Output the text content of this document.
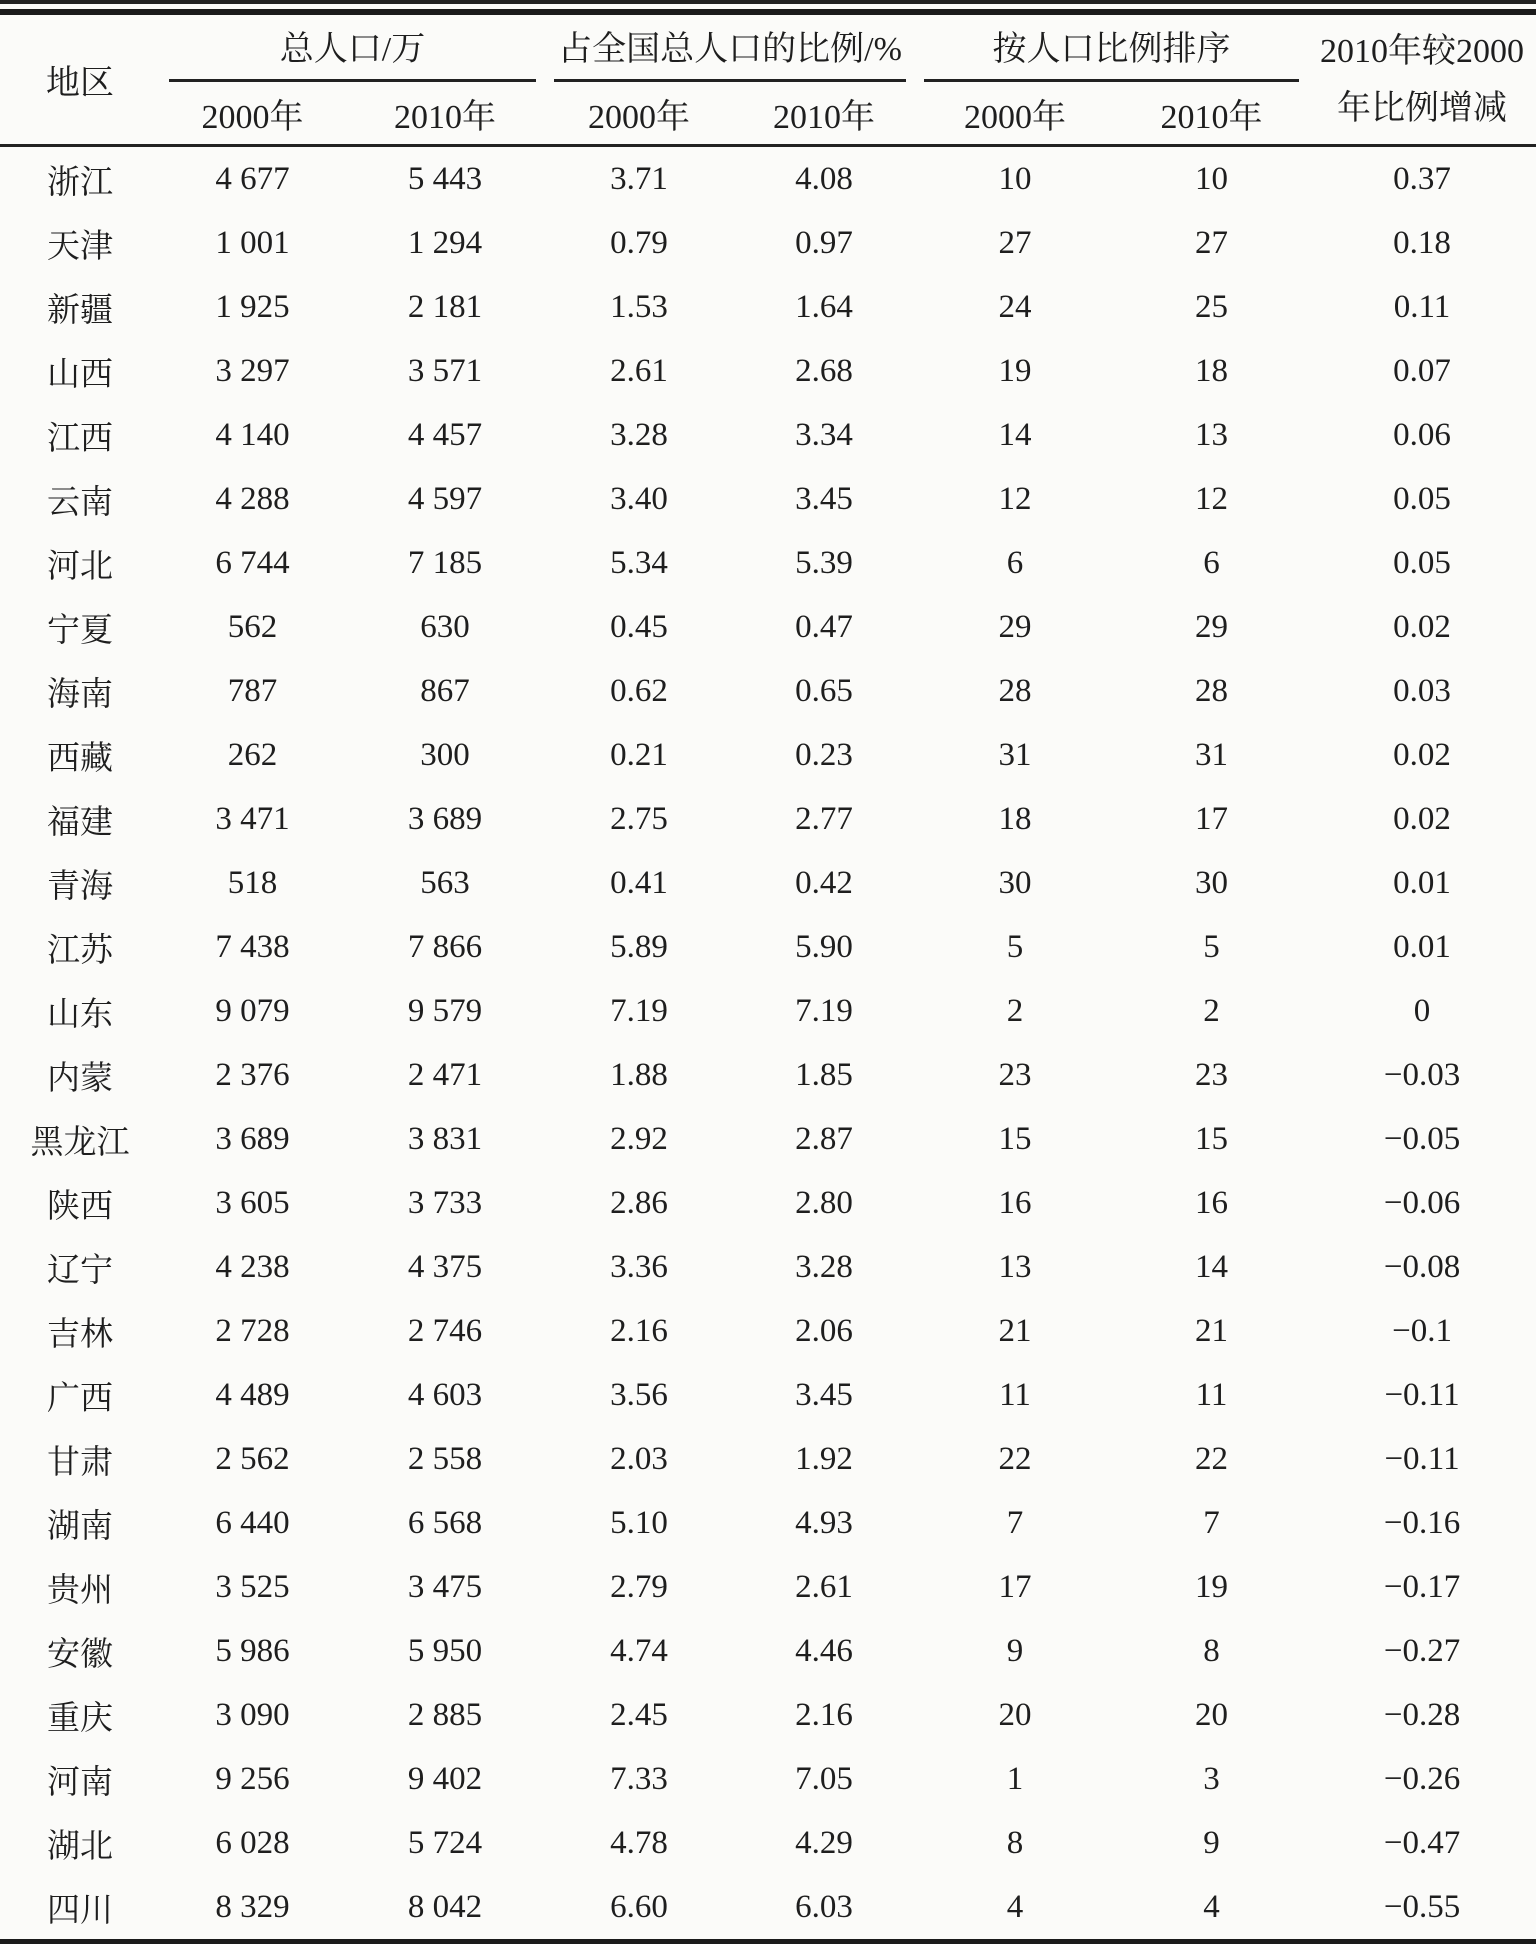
地区	总人口/万		占全国总人口的比例/%		按人口比例排序		2010年较2000
年比例增减

	2000年	2010年	2000年	2010年	2000年	2010年	
浙江	4 677	5 443	3.71	4.08	10	10	0.37
天津	1 001	1 294	0.79	0.97	27	27	0.18
新疆	1 925	2 181	1.53	1.64	24	25	0.11
山西	3 297	3 571	2.61	2.68	19	18	0.07
江西	4 140	4 457	3.28	3.34	14	13	0.06
云南	4 288	4 597	3.40	3.45	12	12	0.05
河北	6 744	7 185	5.34	5.39	6	6	0.05
宁夏	562	630	0.45	0.47	29	29	0.02
海南	787	867	0.62	0.65	28	28	0.03
西藏	262	300	0.21	0.23	31	31	0.02
福建	3 471	3 689	2.75	2.77	18	17	0.02
青海	518	563	0.41	0.42	30	30	0.01
江苏	7 438	7 866	5.89	5.90	5	5	0.01
山东	9 079	9 579	7.19	7.19	2	2	0
内蒙	2 376	2 471	1.88	1.85	23	23	−0.03
黑龙江	3 689	3 831	2.92	2.87	15	15	−0.05
陕西	3 605	3 733	2.86	2.80	16	16	−0.06
辽宁	4 238	4 375	3.36	3.28	13	14	−0.08
吉林	2 728	2 746	2.16	2.06	21	21	−0.1
广西	4 489	4 603	3.56	3.45	11	11	−0.11
甘肃	2 562	2 558	2.03	1.92	22	22	−0.11
湖南	6 440	6 568	5.10	4.93	7	7	−0.16
贵州	3 525	3 475	2.79	2.61	17	19	−0.17
安徽	5 986	5 950	4.74	4.46	9	8	−0.27
重庆	3 090	2 885	2.45	2.16	20	20	−0.28
河南	9 256	9 402	7.33	7.05	1	3	−0.26
湖北	6 028	5 724	4.78	4.29	8	9	−0.47
四川	8 329	8 042	6.60	6.03	4	4	−0.55
